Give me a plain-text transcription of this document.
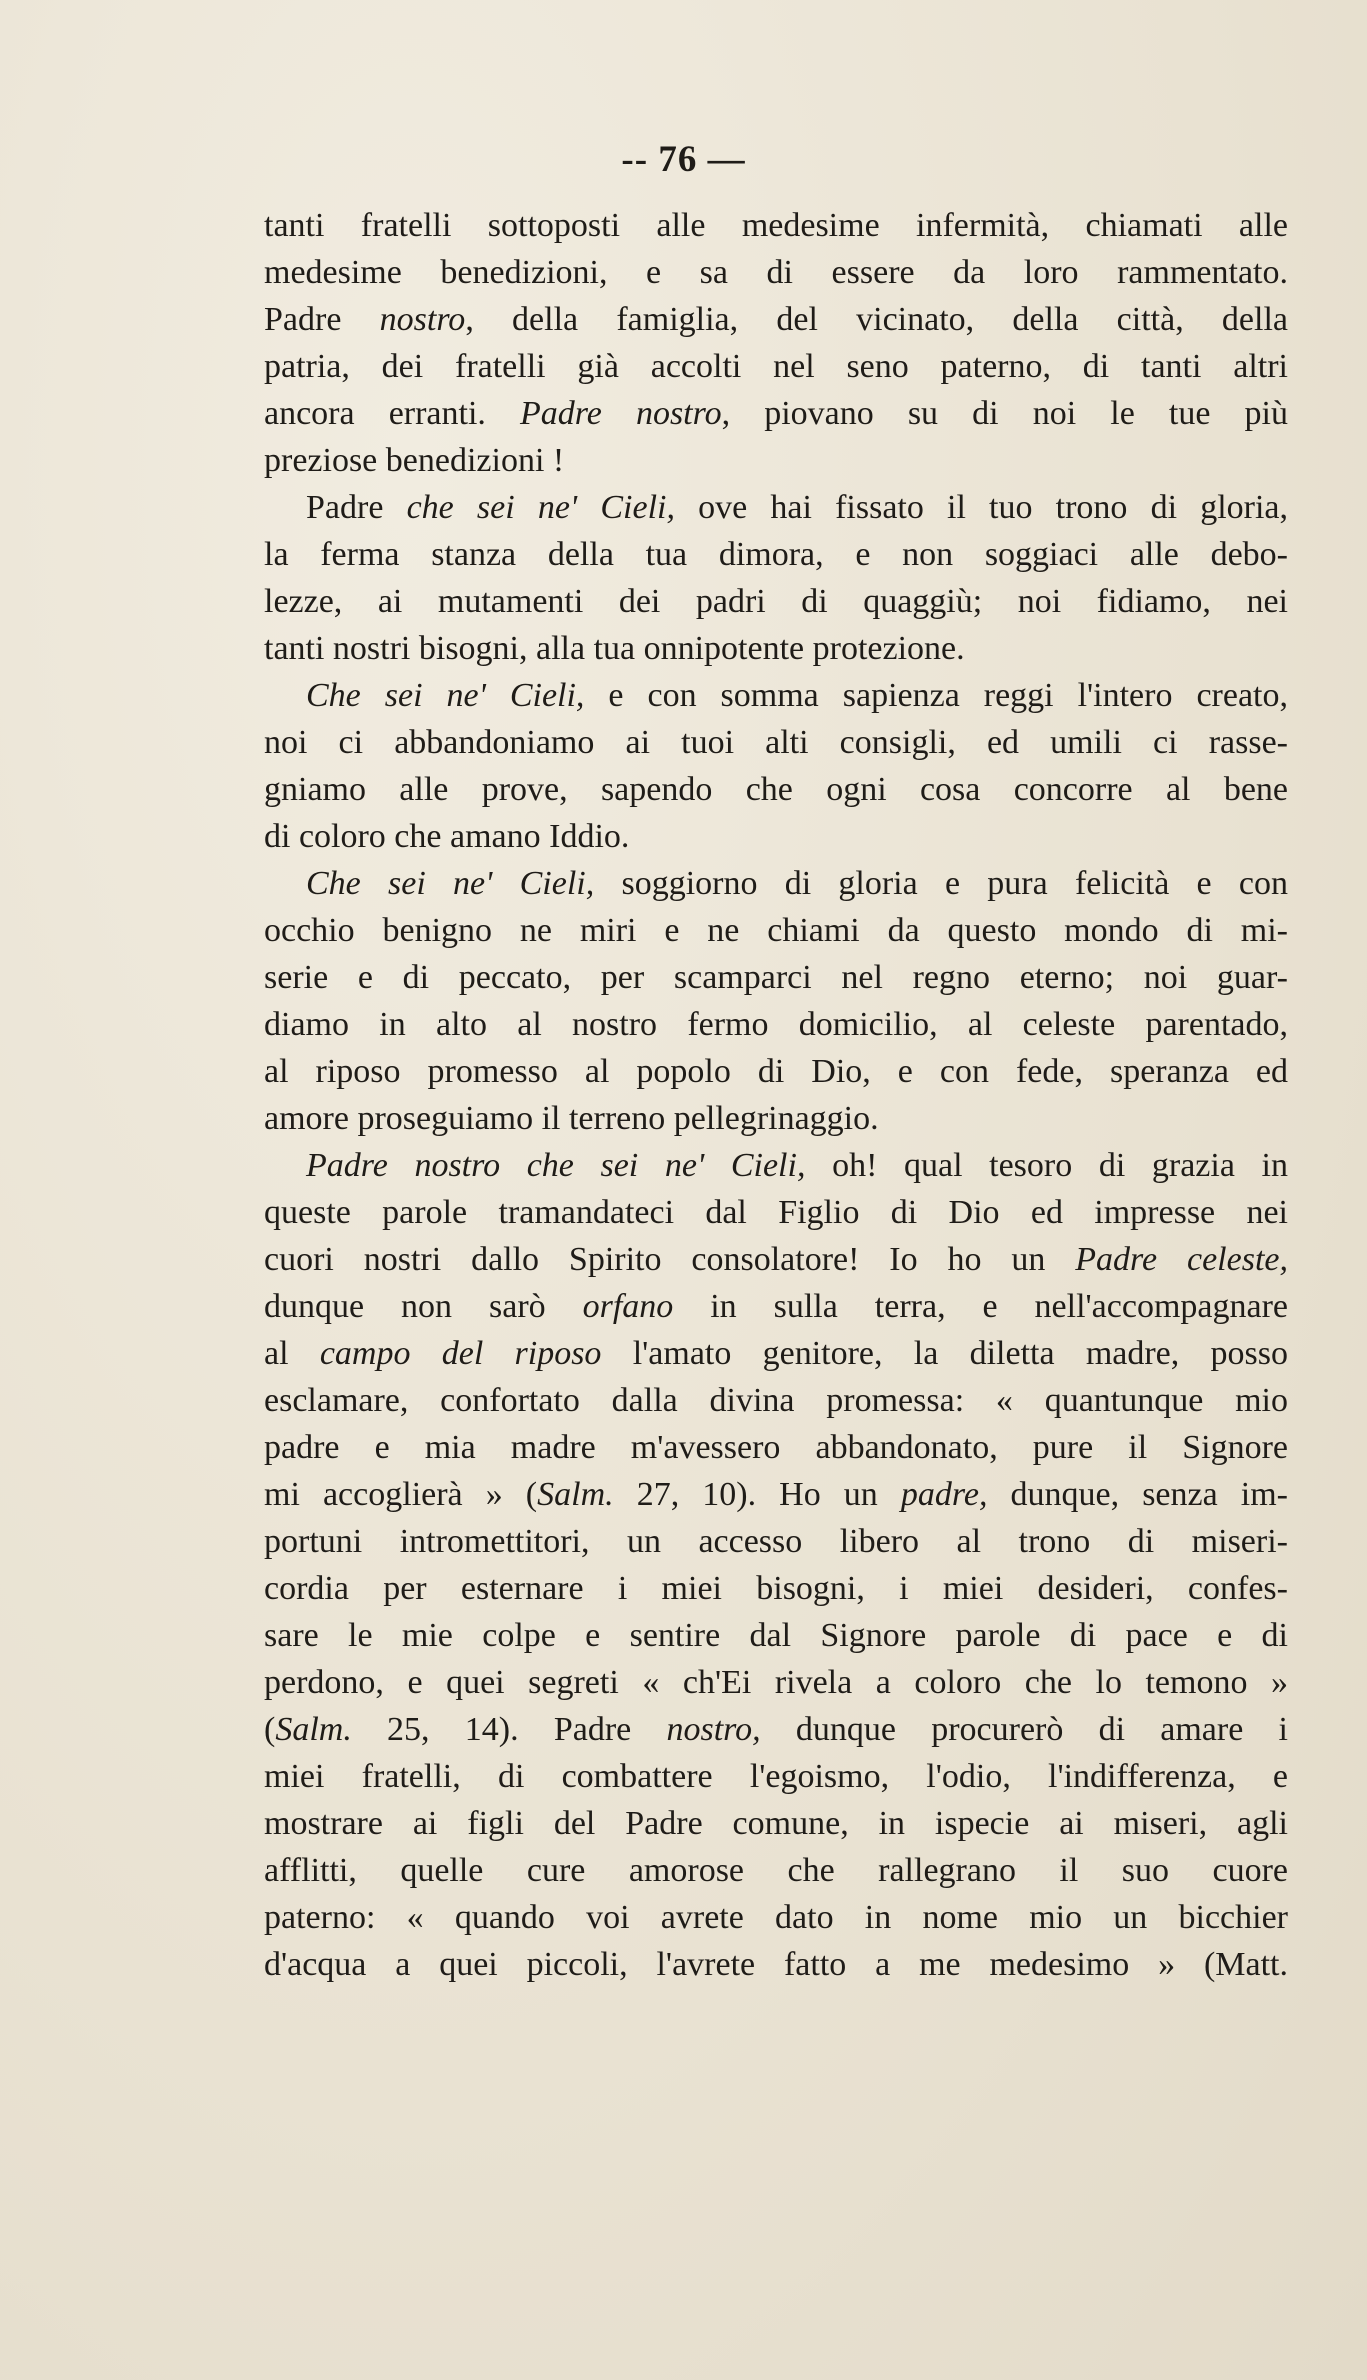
-- 76 —
tanti fratelli sottoposti alle medesime infermità, chiamati alle
medesime benedizioni, e sa di essere da loro rammentato.
Padre nostro, della famiglia, del vicinato, della città, della
patria, dei fratelli già accolti nel seno paterno, di tanti altri
ancora erranti. Padre nostro, piovano su di noi le tue più
preziose benedizioni !
Padre che sei ne' Cieli, ove hai fissato il tuo trono di gloria,
la ferma stanza della tua dimora, e non soggiaci alle debo-
lezze, ai mutamenti dei padri di quaggiù; noi fidiamo, nei
tanti nostri bisogni, alla tua onnipotente protezione.
Che sei ne' Cieli, e con somma sapienza reggi l'intero creato,
noi ci abbandoniamo ai tuoi alti consigli, ed umili ci rasse-
gniamo alle prove, sapendo che ogni cosa concorre al bene
di coloro che amano Iddio.
Che sei ne' Cieli, soggiorno di gloria e pura felicità e con
occhio benigno ne miri e ne chiami da questo mondo di mi-
serie e di peccato, per scamparci nel regno eterno; noi guar-
diamo in alto al nostro fermo domicilio, al celeste parentado,
al riposo promesso al popolo di Dio, e con fede, speranza ed
amore proseguiamo il terreno pellegrinaggio.
Padre nostro che sei ne' Cieli, oh! qual tesoro di grazia in
queste parole tramandateci dal Figlio di Dio ed impresse nei
cuori nostri dallo Spirito consolatore! Io ho un Padre celeste,
dunque non sarò orfano in sulla terra, e nell'accompagnare
al campo del riposo l'amato genitore, la diletta madre, posso
esclamare, confortato dalla divina promessa: « quantunque mio
padre e mia madre m'avessero abbandonato, pure il Signore
mi accoglierà » (Salm. 27, 10). Ho un padre, dunque, senza im-
portuni intromettitori, un accesso libero al trono di miseri-
cordia per esternare i miei bisogni, i miei desideri, confes-
sare le mie colpe e sentire dal Signore parole di pace e di
perdono, e quei segreti « ch'Ei rivela a coloro che lo temono »
(Salm. 25, 14). Padre nostro, dunque procurerò di amare i
miei fratelli, di combattere l'egoismo, l'odio, l'indifferenza, e
mostrare ai figli del Padre comune, in ispecie ai miseri, agli
afflitti, quelle cure amorose che rallegrano il suo cuore
paterno: « quando voi avrete dato in nome mio un bicchier
d'acqua a quei piccoli, l'avrete fatto a me medesimo » (Matt.
